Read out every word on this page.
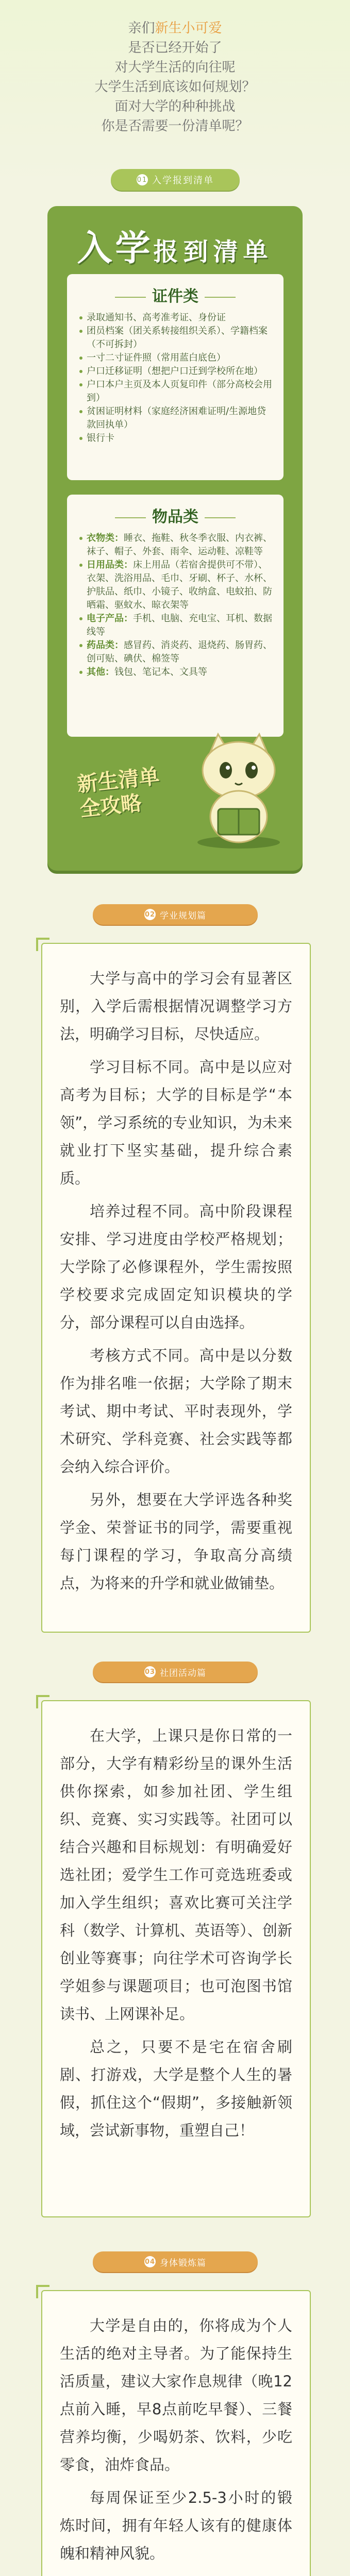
亲们新生小可爱
是否已经开始了
对大学生活的向往呢
大学生活到底该如何规划？
面对大学的种种挑战
你是否需要一份清单呢？
01 入学报到清单
入学报到清单
证件类
录取通知书、高考准考证、身份证
团员档案（团关系转接组织关系）、学籍档案（不可拆封）
一寸二寸证件照（常用蓝白底色）
户口迁移证明（想把户口迁到学校所在地）
户口本户主页及本人页复印件（部分高校会用到）
贫困证明材料（家庭经济困难证明/生源地贷款回执单）
银行卡
物品类
衣物类：睡衣、拖鞋、秋冬季衣服、内衣裤、袜子、帽子、外套、雨伞、运动鞋、凉鞋等
日用品类：床上用品（若宿舍提供可不带）、衣架、洗浴用品、毛巾、牙刷、杯子、水杯、护肤品、纸巾、小镜子、收纳盒、电蚊拍、防晒霜、驱蚊水、晾衣架等
电子产品：手机、电脑、充电宝、耳机、数据线等
药品类：感冒药、消炎药、退烧药、肠胃药、创可贴、碘伏、棉签等
其他：钱包、笔记本、文具等
新生清单 全攻略
02 学业规划篇

大学与高中的学习会有显著区别，入学后需根据情况调整学习方法，明确学习目标，尽快适应。

学习目标不同。高中是以应对高考为目标；大学的目标是学“本领”，学习系统的专业知识，为未来就业打下坚实基础，提升综合素质。

培养过程不同。高中阶段课程安排、学习进度由学校严格规划；大学除了必修课程外，学生需按照学校要求完成固定知识模块的学分，部分课程可以自由选择。

考核方式不同。高中是以分数作为排名唯一依据；大学除了期末考试、期中考试、平时表现外，学术研究、学科竞赛、社会实践等都会纳入综合评价。

另外，想要在大学评选各种奖学金、荣誉证书的同学，需要重视每门课程的学习，争取高分高绩点，为将来的升学和就业做铺垫。

03 社团活动篇

在大学，上课只是你日常的一部分，大学有精彩纷呈的课外生活供你探索，如参加社团、学生组织、竞赛、实习实践等。社团可以结合兴趣和目标规划：有明确爱好选社团；爱学生工作可竞选班委或加入学生组织；喜欢比赛可关注学科（数学、计算机、英语等）、创新创业等赛事；向往学术可咨询学长学姐参与课题项目；也可泡图书馆读书、上网课补足。

总之，只要不是宅在宿舍刷剧、打游戏，大学是整个人生的暑假，抓住这个“假期”，多接触新领域，尝试新事物，重塑自己！

04 身体锻炼篇

大学是自由的，你将成为个人生活的绝对主导者。为了能保持生活质量，建议大家作息规律（晚12点前入睡，早8点前吃早餐）、三餐营养均衡，少喝奶茶、饮料，少吃零食，油炸食品。

每周保证至少2.5-3小时的锻炼时间，拥有年轻人该有的健康体魄和精神风貌。
